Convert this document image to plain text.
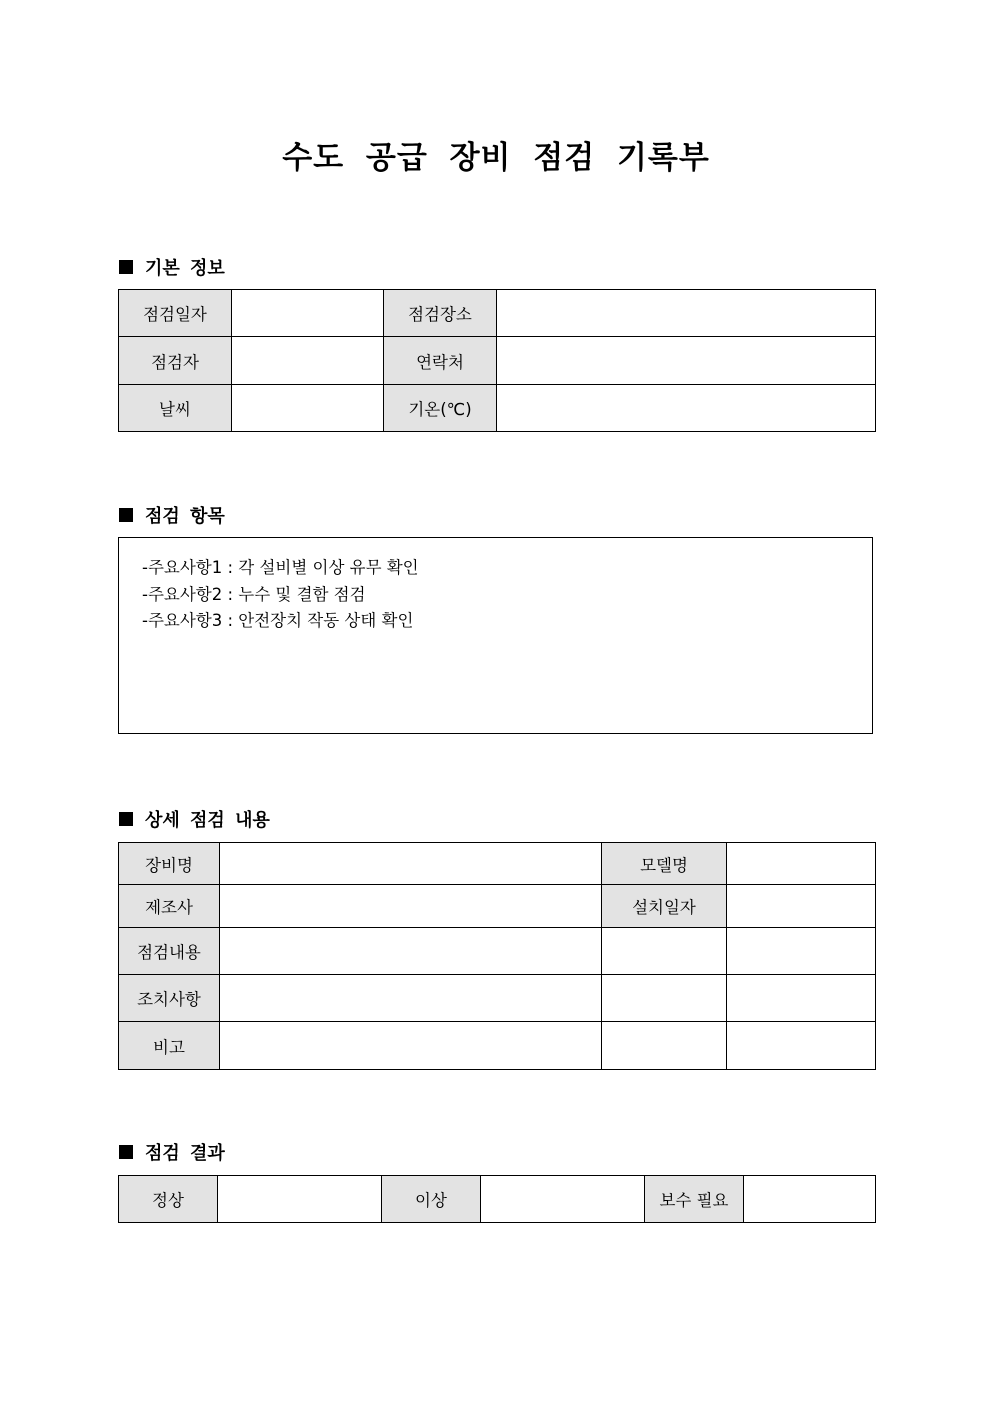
수도 공급 장비 점검 기록부
기본 정보
점검일자		점검장소	
점검자		연락처	
날씨		기온(℃)	
점검 항목
-주요사항1 : 각 설비별 이상 유무 확인
-주요사항2 : 누수 및 결함 점검
-주요사항3 : 안전장치 작동 상태 확인
상세 점검 내용
장비명		모델명	
제조사		설치일자	
점검내용			
조치사항			
비고			
점검 결과
정상		이상		보수 필요	
